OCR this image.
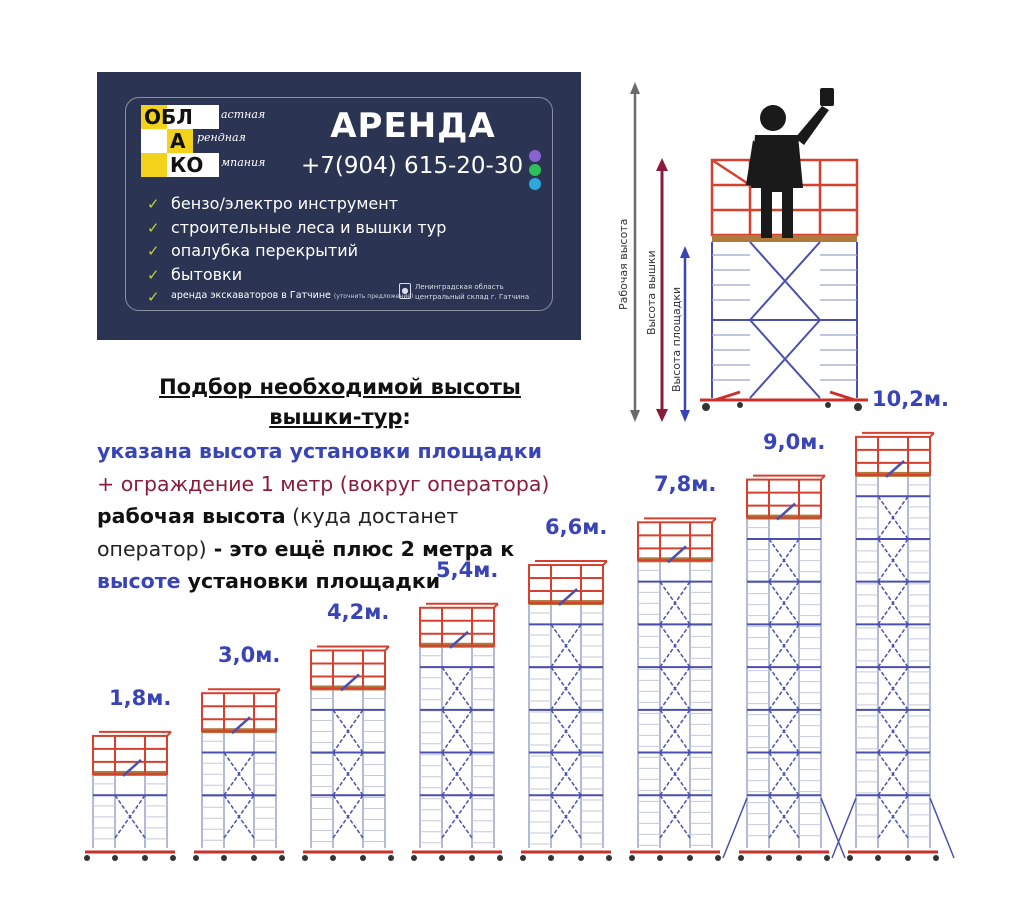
ОБЛ
А
КО
астная
рендная
мпания
АРЕНДА
+7(904) 615-20-30
✓ бензо/электро инструмент
✓ строительные леса и вышки тур
✓ опалубка перекрытий
✓ бытовки
✓ аренда экскаваторов в Гатчине (уточнить предложение)
● Ленинградская область
центральный склад г. Гатчина	Рабочая высота Высота вышки Высота площадки
Подбор необходимой высоты
вышки-тур:
указана высота установки площадки
+ ограждение 1 метр (вокруг оператора)
рабочая высота (куда достанет
оператор) - это ещё плюс 2 метра к
высоте установки площадки
1,8м.
3,0м.
4,2м.
5,4м.
6,6м.
7,8м.
9,0м.
10,2м.
